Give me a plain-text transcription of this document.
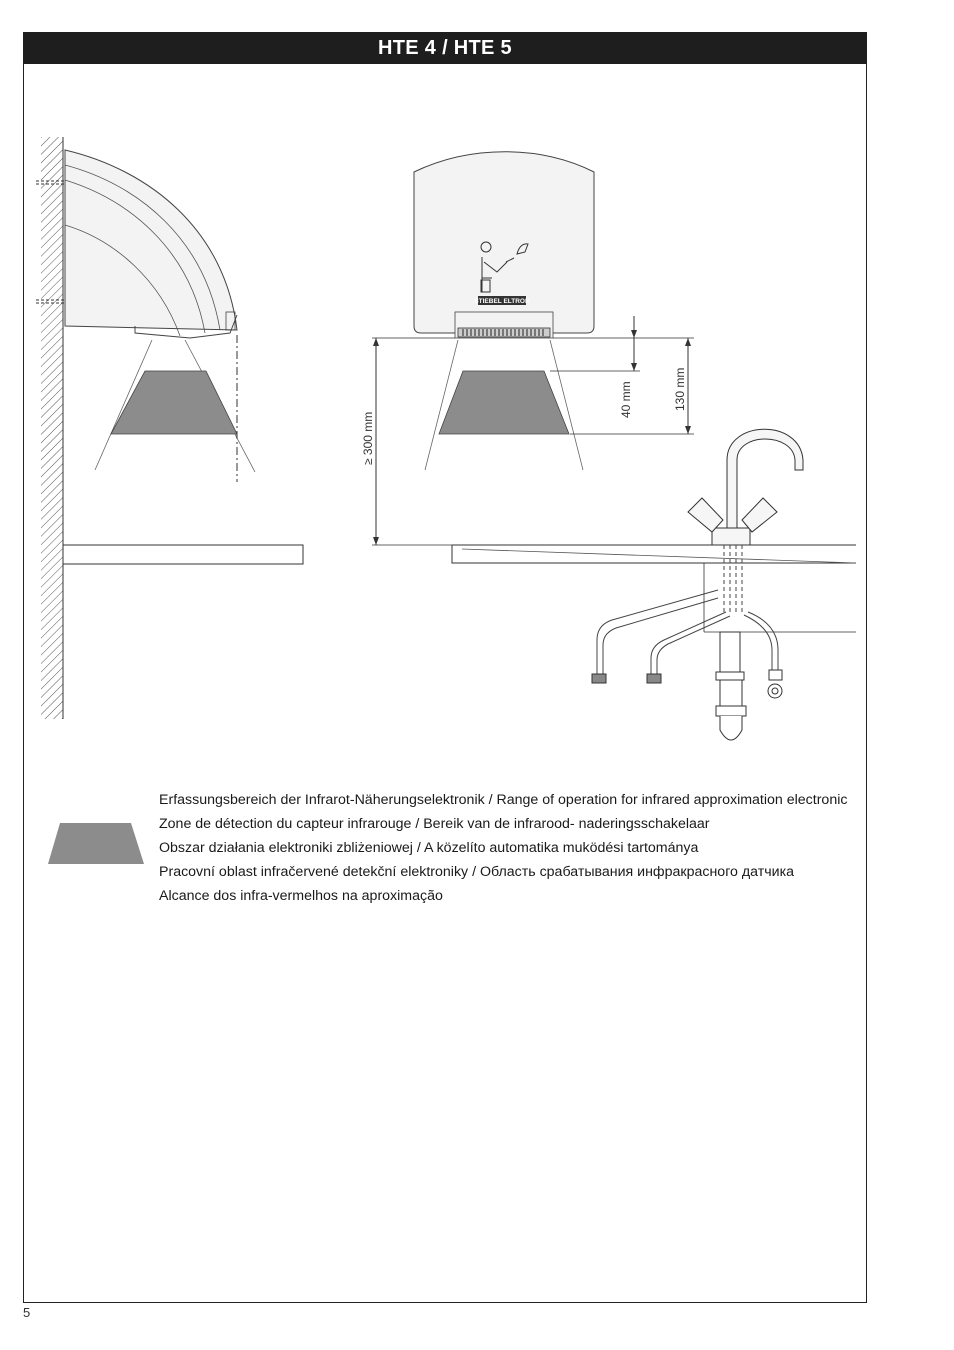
HTE 4 / HTE 5
STIEBEL ELTRON
≥ 300 mm
40 mm	130 mm
Erfassungsbereich der Infrarot-Näherungselektronik / Range of operation for infrared approximation electronic
Zone de détection du capteur infrarouge / Bereik van de infrarood- naderingsschakelaar
Obszar działania elektroniki zbliżeniowej / A közelíto automatika muködési tartománya
Pracovní oblast infračervené detekční elektroniky / Область срабатывания инфракрасного датчика
Alcance dos infra-vermelhos na aproximação
5
